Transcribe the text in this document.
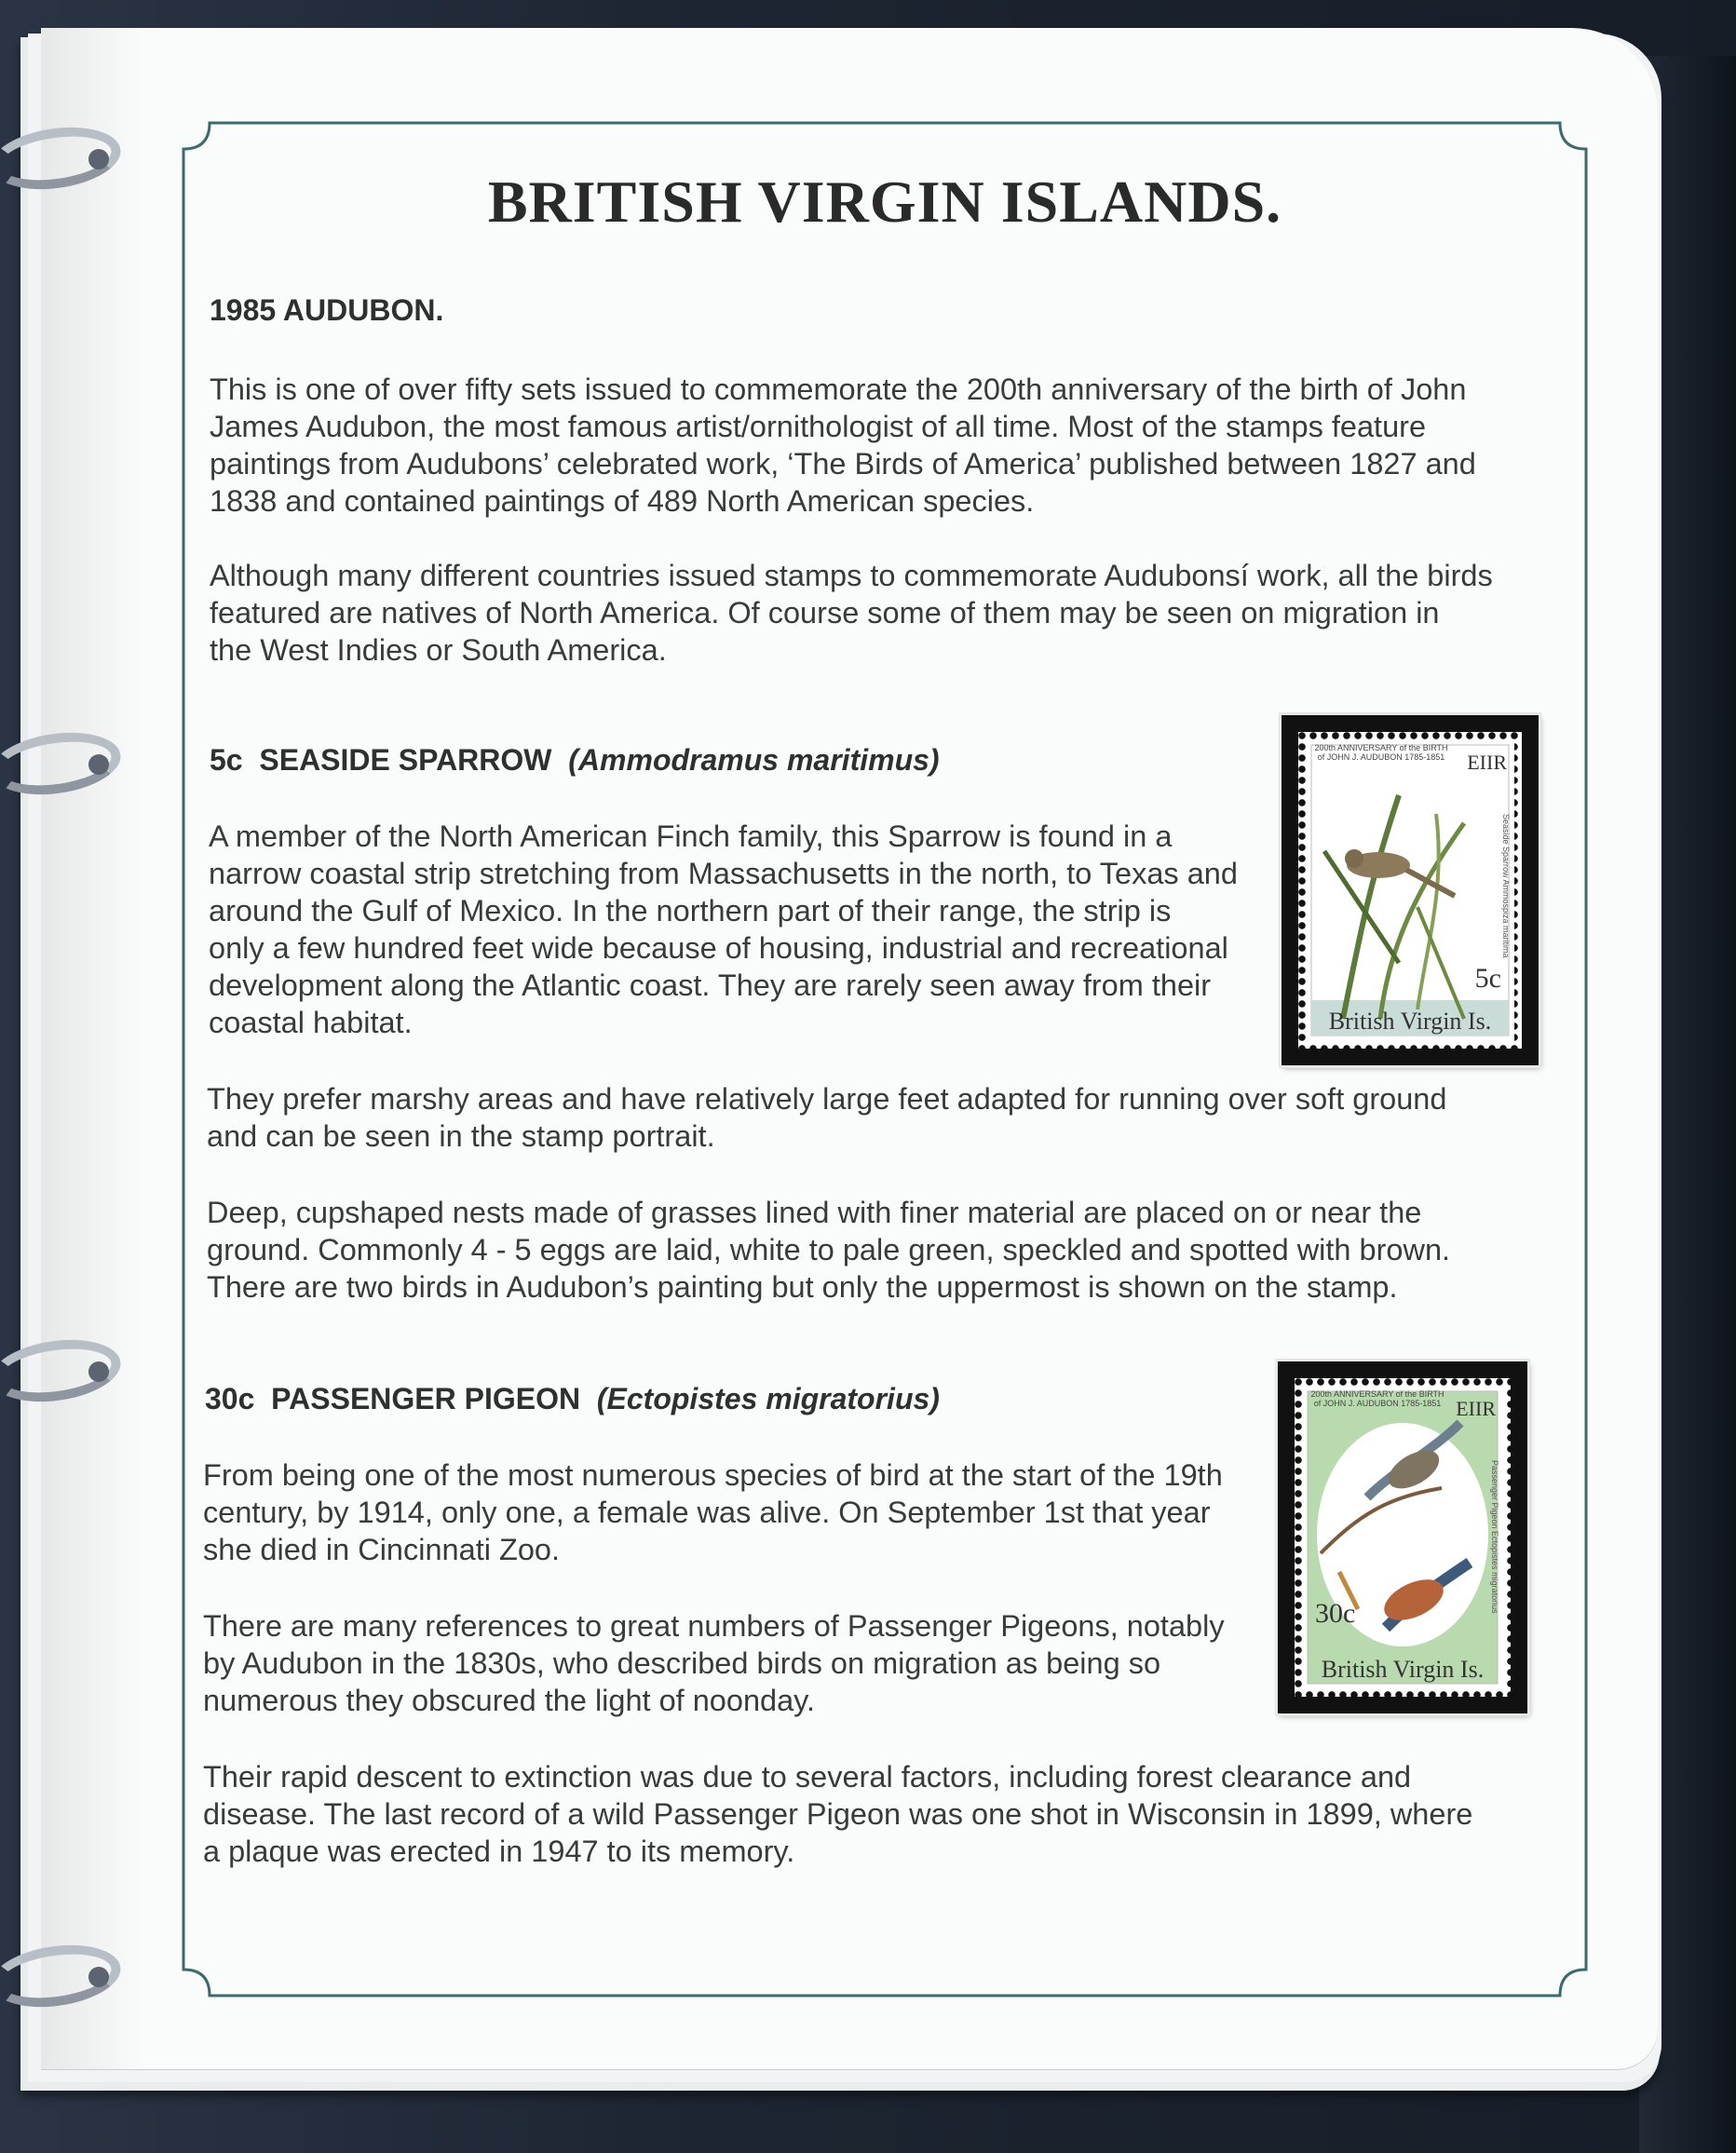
BRITISH VIRGIN ISLANDS.

1985 AUDUBON.

This is one of over fifty sets issued to commemorate the 200th anniversary of the birth of John

James Audubon, the most famous artist/ornithologist of all time. Most of the stamps feature

paintings from Audubons’ celebrated work, ‘The Birds of America’ published between 1827 and

1838 and contained paintings of 489 North American species.

Although many different countries issued stamps to commemorate Audubonsí work, all the birds

featured are natives of North America. Of course some of them may be seen on migration in

the West Indies or South America.

5c SEASIDE SPARROW (Ammodramus maritimus)

A member of the North American Finch family, this Sparrow is found in a

narrow coastal strip stretching from Massachusetts in the north, to Texas and

around the Gulf of Mexico. In the northern part of their range, the strip is

only a few hundred feet wide because of housing, industrial and recreational

development along the Atlantic coast. They are rarely seen away from their

coastal habitat.

They prefer marshy areas and have relatively large feet adapted for running over soft ground

and can be seen in the stamp portrait.

Deep, cupshaped nests made of grasses lined with finer material are placed on or near the

ground. Commonly 4 - 5 eggs are laid, white to pale green, speckled and spotted with brown.

There are two birds in Audubon’s painting but only the uppermost is shown on the stamp.

200th ANNIVERSARY of the BIRTH of JOHN J. AUDUBON 1785-1851	EIIR
Seaside Sparrow Ammospiza maritima
5c
British Virgin Is.

30c PASSENGER PIGEON (Ectopistes migratorius)

From being one of the most numerous species of bird at the start of the 19th

century, by 1914, only one, a female was alive. On September 1st that year

she died in Cincinnati Zoo.

There are many references to great numbers of Passenger Pigeons, notably

by Audubon in the 1830s, who described birds on migration as being so

numerous they obscured the light of noonday.

Their rapid descent to extinction was due to several factors, including forest clearance and

disease. The last record of a wild Passenger Pigeon was one shot in Wisconsin in 1899, where

a plaque was erected in 1947 to its memory.

200th ANNIVERSARY of the BIRTH of JOHN J. AUDUBON 1785-1851 EIIR
Passenger Pigeon Ectopistes migratorius
30c
British Virgin Is.
